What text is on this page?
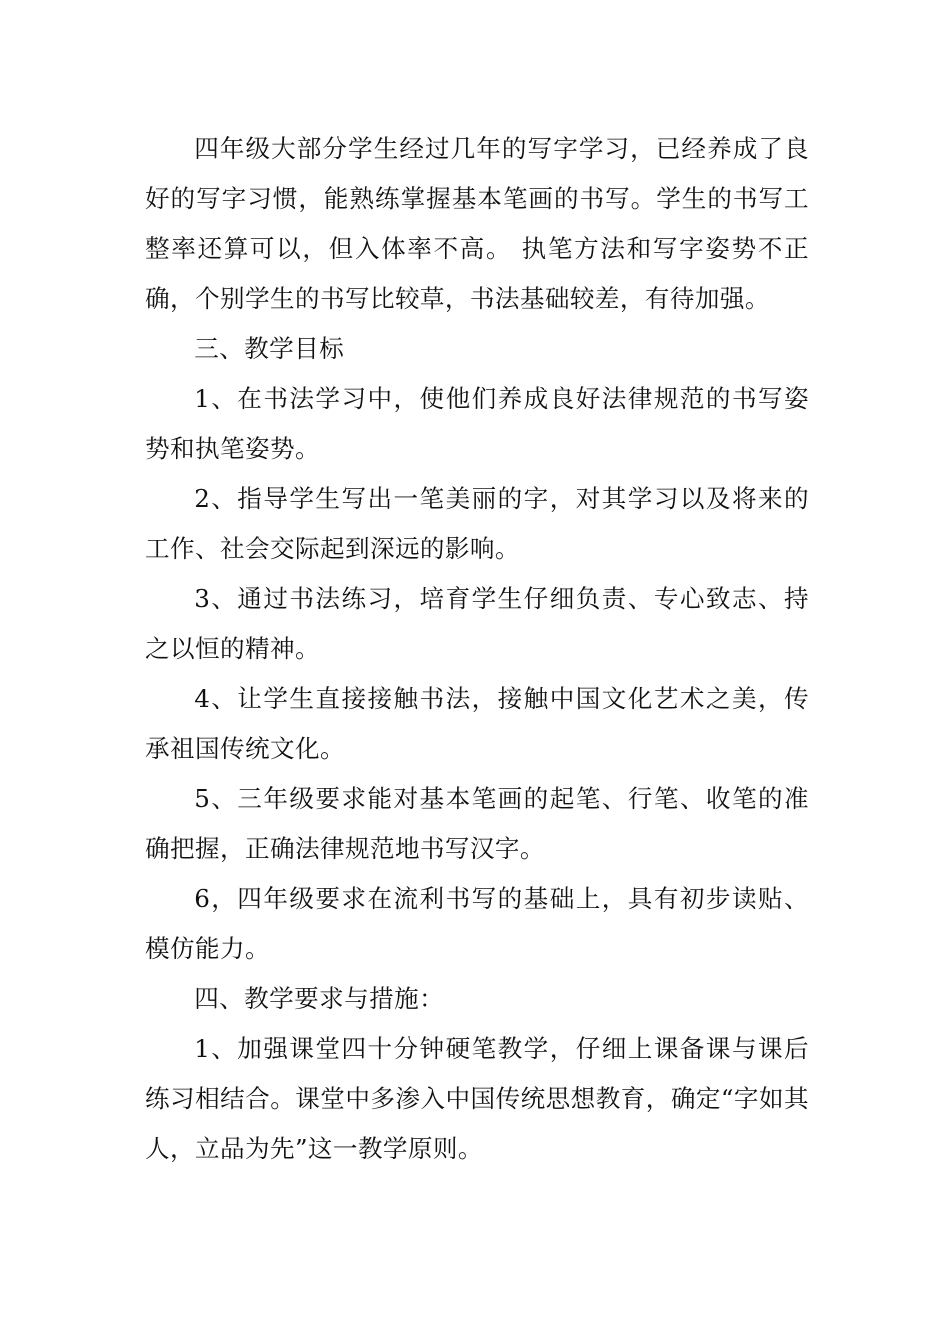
四年级大部分学生经过几年的写字学习，已经养成了良好的写字习惯，能熟练掌握基本笔画的书写。学生的书写工整率还算可以，但入体率不高。 执笔方法和写字姿势不正确，个别学生的书写比较草，书法基础较差，有待加强。

三、教学目标

1、在书法学习中，使他们养成良好法律规范的书写姿势和执笔姿势。

2、指导学生写出一笔美丽的字，对其学习以及将来的工作、社会交际起到深远的影响。

3、通过书法练习，培育学生仔细负责、专心致志、持之以恒的精神。

4、让学生直接接触书法，接触中国文化艺术之美，传承祖国传统文化。

5、三年级要求能对基本笔画的起笔、行笔、收笔的准确把握，正确法律规范地书写汉字。

6，四年级要求在流利书写的基础上，具有初步读贴、模仿能力。

四、教学要求与措施：

1、加强课堂四十分钟硬笔教学，仔细上课备课与课后练习相结合。课堂中多渗入中国传统思想教育，确定“字如其人，立品为先”这一教学原则。
